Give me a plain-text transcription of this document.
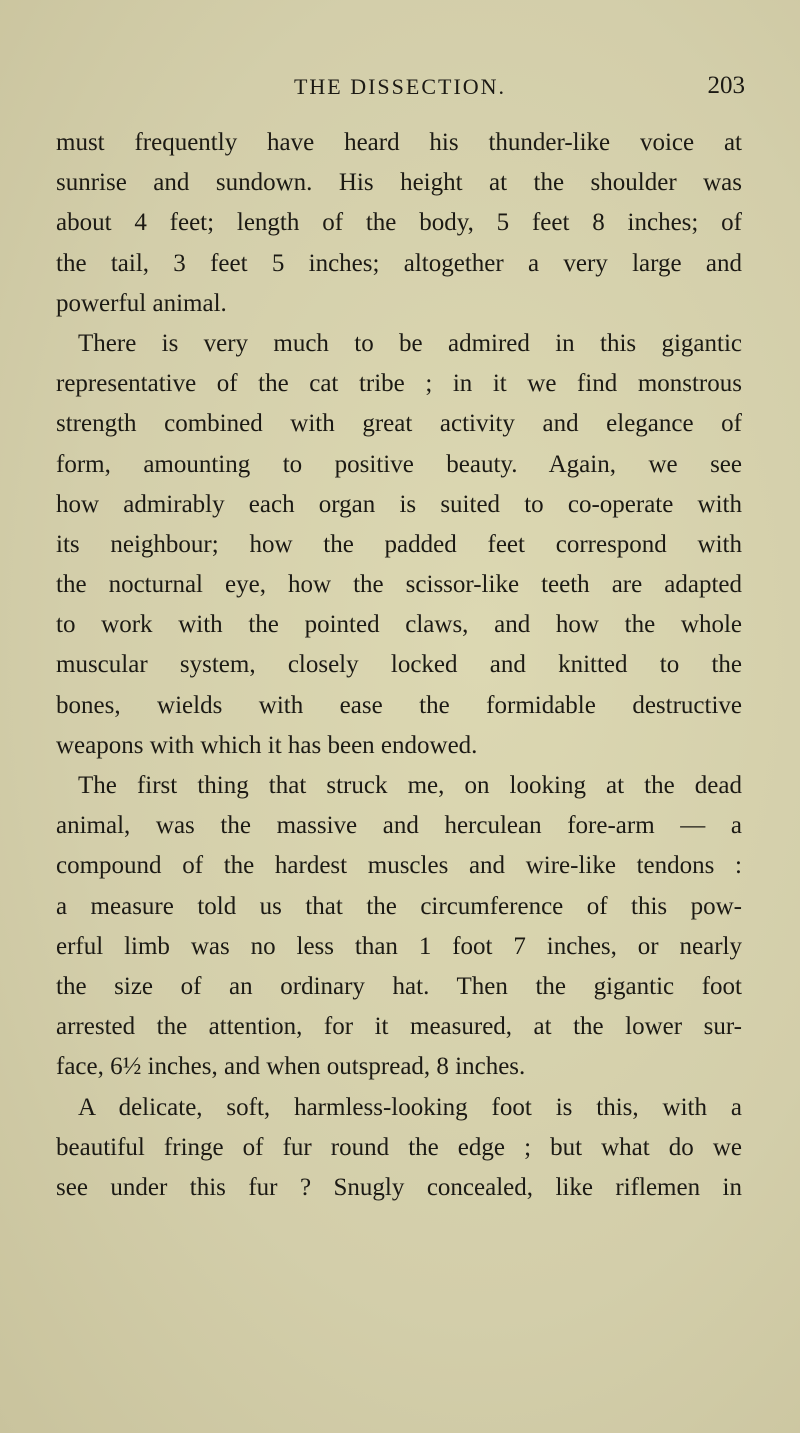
THE DISSECTION.	203
must frequently have heard his thunder-like voice at
sunrise and sundown. His height at the shoulder was
about 4 feet; length of the body, 5 feet 8 inches; of
the tail, 3 feet 5 inches; altogether a very large and
powerful animal.
There is very much to be admired in this gigantic
representative of the cat tribe ; in it we find monstrous
strength combined with great activity and elegance of
form, amounting to positive beauty. Again, we see
how admirably each organ is suited to co-operate with
its neighbour; how the padded feet correspond with
the nocturnal eye, how the scissor-like teeth are adapted
to work with the pointed claws, and how the whole
muscular system, closely locked and knitted to the
bones, wields with ease the formidable destructive
weapons with which it has been endowed.
The first thing that struck me, on looking at the dead
animal, was the massive and herculean fore-arm — a
compound of the hardest muscles and wire-like tendons :
a measure told us that the circumference of this pow-
erful limb was no less than 1 foot 7 inches, or nearly
the size of an ordinary hat. Then the gigantic foot
arrested the attention, for it measured, at the lower sur-
face, 6½ inches, and when outspread, 8 inches.
A delicate, soft, harmless-looking foot is this, with a
beautiful fringe of fur round the edge ; but what do we
see under this fur ? Snugly concealed, like riflemen in
